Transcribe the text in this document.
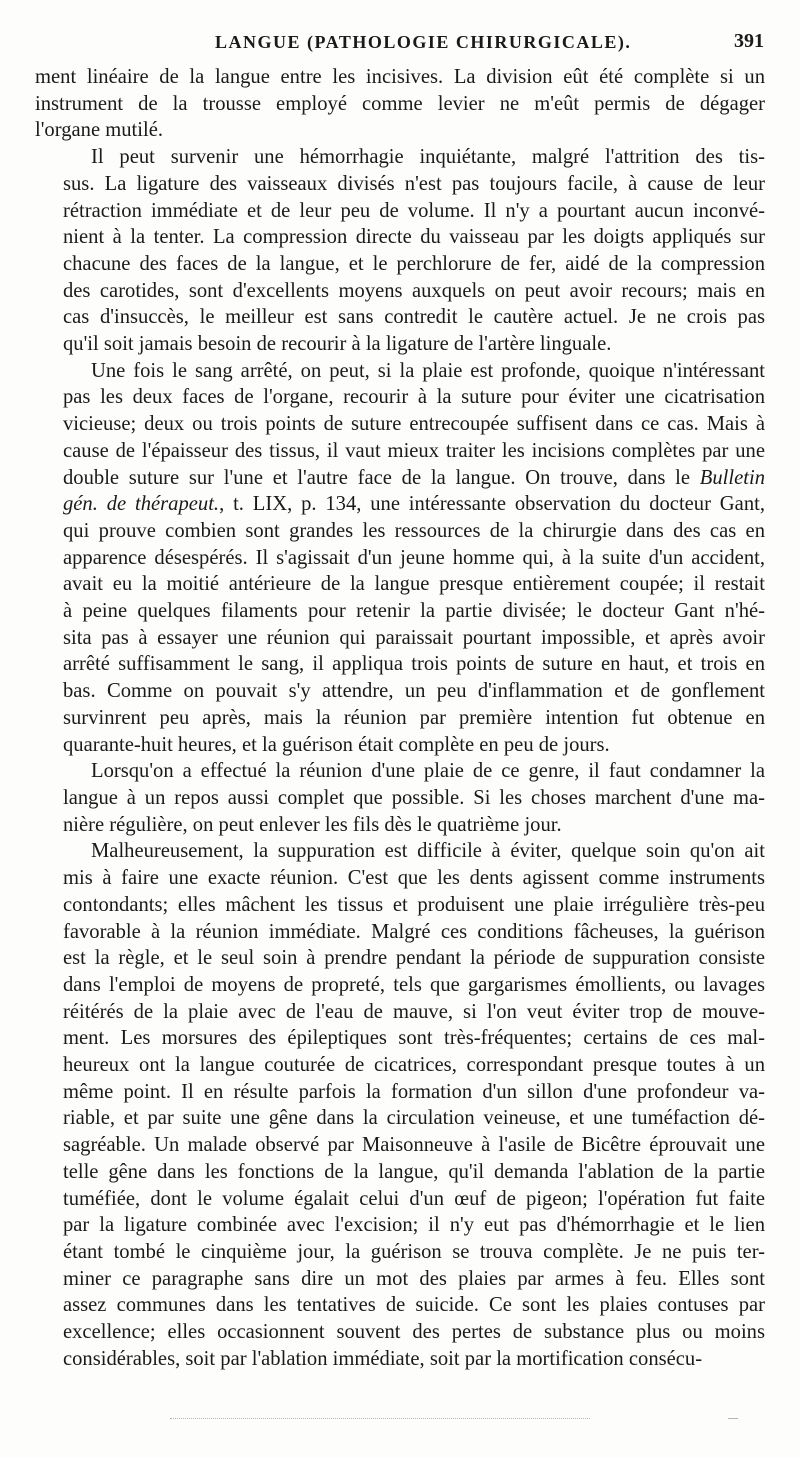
LANGUE (PATHOLOGIE CHIRURGICALE).	391
ment linéaire de la langue entre les incisives. La division eût été complète si un
instrument de la trousse employé comme levier ne m'eût permis de dégager
l'organe mutilé.
Il peut survenir une hémorrhagie inquiétante, malgré l'attrition des tis-
sus. La ligature des vaisseaux divisés n'est pas toujours facile, à cause de leur
rétraction immédiate et de leur peu de volume. Il n'y a pourtant aucun inconvé-
nient à la tenter. La compression directe du vaisseau par les doigts appliqués sur
chacune des faces de la langue, et le perchlorure de fer, aidé de la compression
des carotides, sont d'excellents moyens auxquels on peut avoir recours; mais en
cas d'insuccès, le meilleur est sans contredit le cautère actuel. Je ne crois pas
qu'il soit jamais besoin de recourir à la ligature de l'artère linguale.
Une fois le sang arrêté, on peut, si la plaie est profonde, quoique n'intéressant
pas les deux faces de l'organe, recourir à la suture pour éviter une cicatrisation
vicieuse; deux ou trois points de suture entrecoupée suffisent dans ce cas. Mais à
cause de l'épaisseur des tissus, il vaut mieux traiter les incisions complètes par une
double suture sur l'une et l'autre face de la langue. On trouve, dans le Bulletin
gén. de thérapeut., t. LIX, p. 134, une intéressante observation du docteur Gant,
qui prouve combien sont grandes les ressources de la chirurgie dans des cas en
apparence désespérés. Il s'agissait d'un jeune homme qui, à la suite d'un accident,
avait eu la moitié antérieure de la langue presque entièrement coupée; il restait
à peine quelques filaments pour retenir la partie divisée; le docteur Gant n'hé-
sita pas à essayer une réunion qui paraissait pourtant impossible, et après avoir
arrêté suffisamment le sang, il appliqua trois points de suture en haut, et trois en
bas. Comme on pouvait s'y attendre, un peu d'inflammation et de gonflement
survinrent peu après, mais la réunion par première intention fut obtenue en
quarante-huit heures, et la guérison était complète en peu de jours.
Lorsqu'on a effectué la réunion d'une plaie de ce genre, il faut condamner la
langue à un repos aussi complet que possible. Si les choses marchent d'une ma-
nière régulière, on peut enlever les fils dès le quatrième jour.
Malheureusement, la suppuration est difficile à éviter, quelque soin qu'on ait
mis à faire une exacte réunion. C'est que les dents agissent comme instruments
contondants; elles mâchent les tissus et produisent une plaie irrégulière très-peu
favorable à la réunion immédiate. Malgré ces conditions fâcheuses, la guérison
est la règle, et le seul soin à prendre pendant la période de suppuration consiste
dans l'emploi de moyens de propreté, tels que gargarismes émollients, ou lavages
réitérés de la plaie avec de l'eau de mauve, si l'on veut éviter trop de mouve-
ment. Les morsures des épileptiques sont très-fréquentes; certains de ces mal-
heureux ont la langue couturée de cicatrices, correspondant presque toutes à un
même point. Il en résulte parfois la formation d'un sillon d'une profondeur va-
riable, et par suite une gêne dans la circulation veineuse, et une tuméfaction dé-
sagréable. Un malade observé par Maisonneuve à l'asile de Bicêtre éprouvait une
telle gêne dans les fonctions de la langue, qu'il demanda l'ablation de la partie
tuméfiée, dont le volume égalait celui d'un œuf de pigeon; l'opération fut faite
par la ligature combinée avec l'excision; il n'y eut pas d'hémorrhagie et le lien
étant tombé le cinquième jour, la guérison se trouva complète. Je ne puis ter-
miner ce paragraphe sans dire un mot des plaies par armes à feu. Elles sont
assez communes dans les tentatives de suicide. Ce sont les plaies contuses par
excellence; elles occasionnent souvent des pertes de substance plus ou moins
considérables, soit par l'ablation immédiate, soit par la mortification consécu-
